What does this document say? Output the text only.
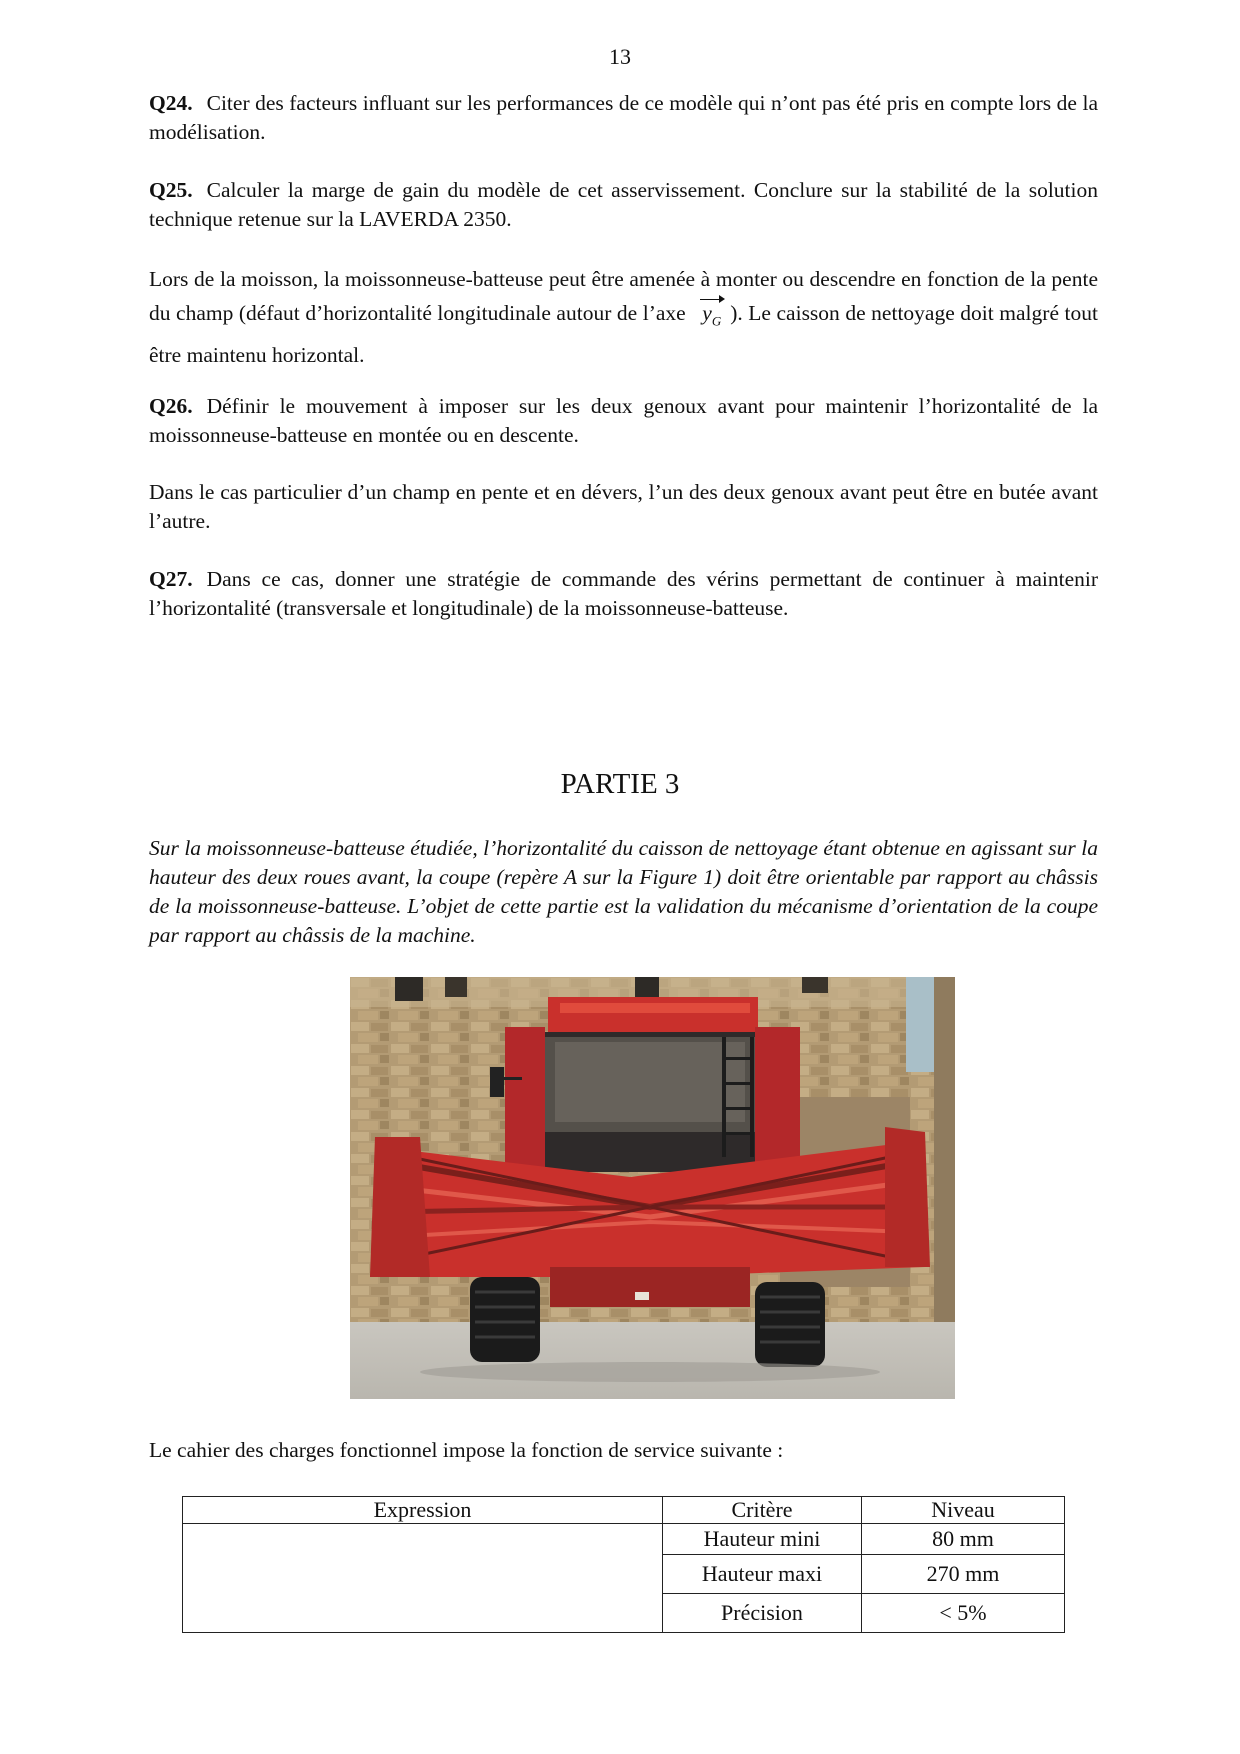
13
Q24. Citer des facteurs influant sur les performances de ce modèle qui n’ont pas été pris en compte lors de la modélisation.
Q25. Calculer la marge de gain du modèle de cet asservissement. Conclure sur la stabilité de la solution technique retenue sur la LAVERDA 2350.
Lors de la moisson, la moissonneuse-batteuse peut être amenée à monter ou descendre en fonction de la pente du champ (défaut d’horizontalité longitudinale autour de l’axe $y_G$ ). Le caisson de nettoyage doit malgré tout être maintenu horizontal.
Q26. Définir le mouvement à imposer sur les deux genoux avant pour maintenir l’horizontalité de la moissonneuse-batteuse en montée ou en descente.
Dans le cas particulier d’un champ en pente et en dévers, l’un des deux genoux avant peut être en butée avant l’autre.
Q27. Dans ce cas, donner une stratégie de commande des vérins permettant de continuer à maintenir l’horizontalité (transversale et longitudinale) de la moissonneuse-batteuse.
PARTIE 3
Sur la moissonneuse-batteuse étudiée, l’horizontalité du caisson de nettoyage étant obtenue en agissant sur la hauteur des deux roues avant, la coupe (repère A sur la Figure 1) doit être orientable par rapport au châssis de la moissonneuse-batteuse. L’objet de cette partie est la validation du mécanisme d’orientation de la coupe par rapport au châssis de la machine.
Le cahier des charges fonctionnel impose la fonction de service suivante :
Expression	Critère	Niveau
	Hauteur mini	80 mm
	Hauteur maxi	270 mm
	Précision	< 5%
